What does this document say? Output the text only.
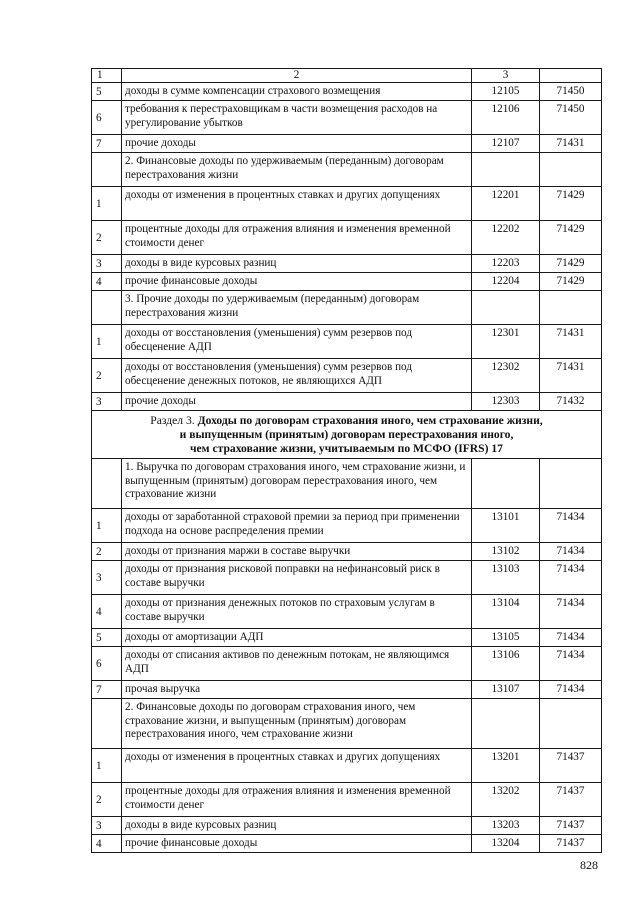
1	2	3	
5	доходы в сумме компенсации страхового возмещения	12105	71450
6	требования к перестраховщикам в части возмещения расходов на урегулирование убытков	12106	71450
7	прочие доходы	12107	71431
	2. Финансовые доходы по удерживаемым (переданным) договорам перестрахования жизни		
1	доходы от изменения в процентных ставках и других допущениях	12201	71429
2	процентные доходы для отражения влияния и изменения временной стоимости денег	12202	71429
3	доходы в виде курсовых разниц	12203	71429
4	прочие финансовые доходы	12204	71429
	3. Прочие доходы по удерживаемым (переданным) договорам перестрахования жизни		
1	доходы от восстановления (уменьшения) сумм резервов под обесценение АДП	12301	71431
2	доходы от восстановления (уменьшения) сумм резервов под обесценение денежных потоков, не являющихся АДП	12302	71431
3	прочие доходы	12303	71432
Раздел 3. Доходы по договорам страхования иного, чем страхование жизни,
и выпущенным (принятым) договорам перестрахования иного,
чем страхование жизни, учитываемым по МСФО (IFRS) 17			
	1. Выручка по договорам страхования иного, чем страхование жизни, и выпущенным (принятым) договорам перестрахования иного, чем страхование жизни		
1	доходы от заработанной страховой премии за период при применении подхода на основе распределения премии	13101	71434
2	доходы от признания маржи в составе выручки	13102	71434
3	доходы от признания рисковой поправки на нефинансовый риск в составе выручки	13103	71434
4	доходы от признания денежных потоков по страховым услугам в составе выручки	13104	71434
5	доходы от амортизации АДП	13105	71434
6	доходы от списания активов по денежным потокам, не являющимся АДП	13106	71434
7	прочая выручка	13107	71434
	2. Финансовые доходы по договорам страхования иного, чем страхование жизни, и выпущенным (принятым) договорам перестрахования иного, чем страхование жизни		
1	доходы от изменения в процентных ставках и других допущениях	13201	71437
2	процентные доходы для отражения влияния и изменения временной стоимости денег	13202	71437
3	доходы в виде курсовых разниц	13203	71437
4	прочие финансовые доходы	13204	71437
828
